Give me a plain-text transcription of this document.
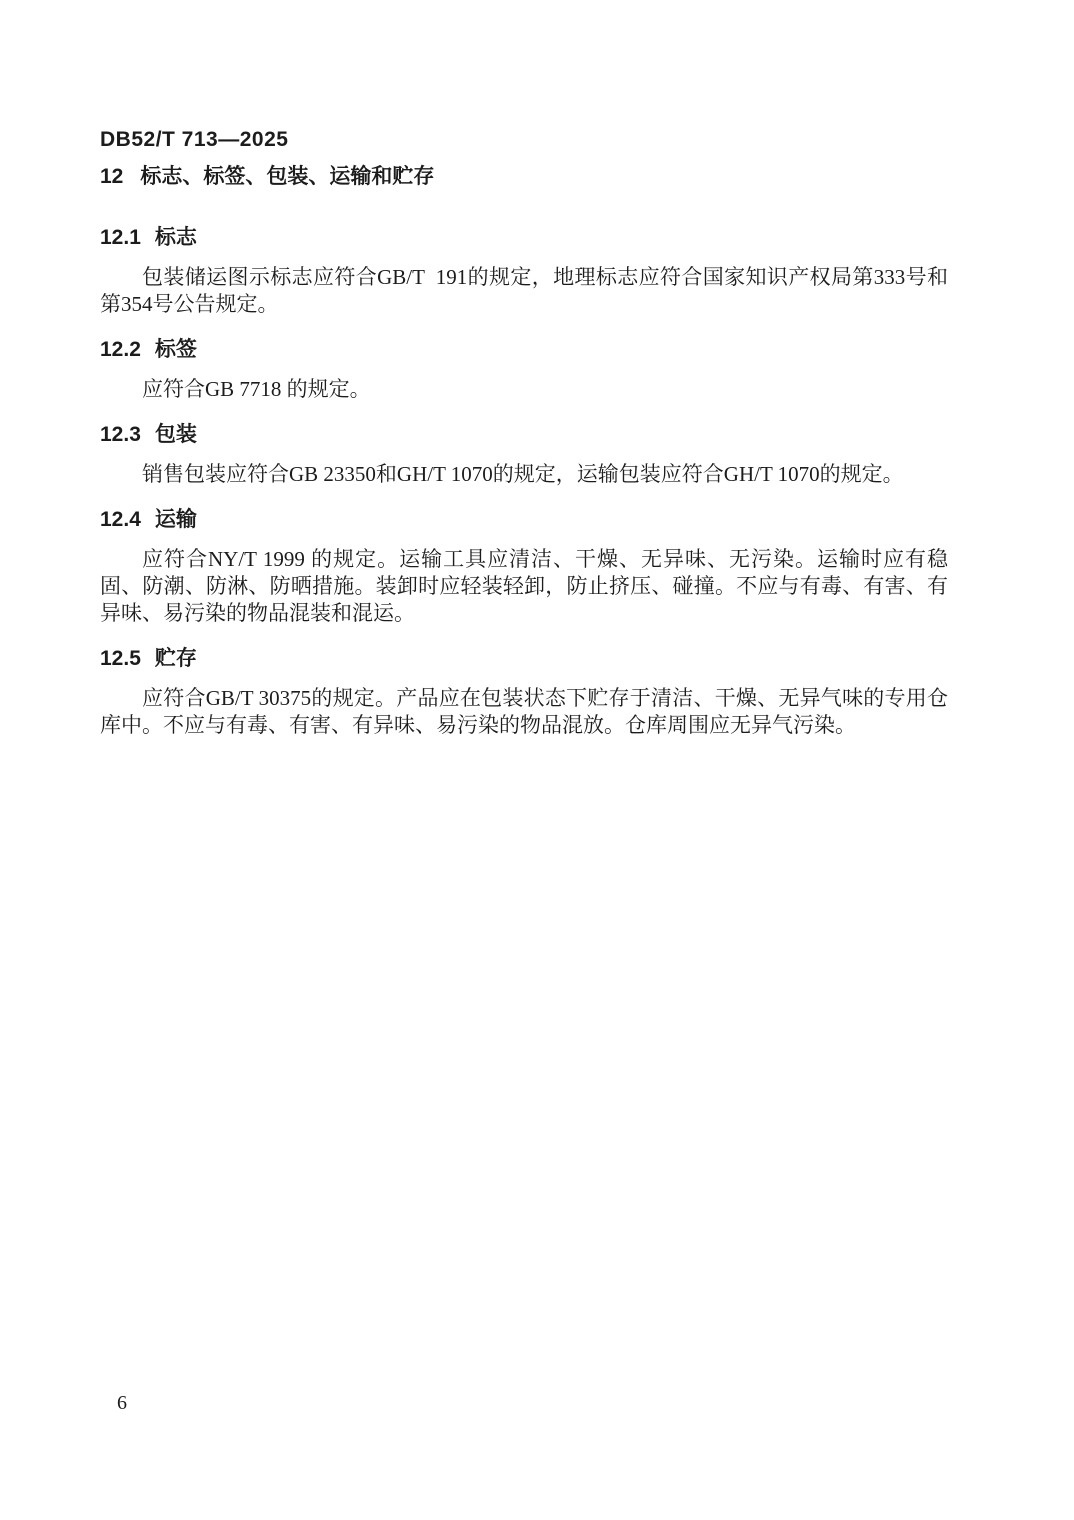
DB52/T 713—2025
12 标志、标签、包装、运输和贮存
12.1 标志

包装储运图示标志应符合GB/T  191的规定，地理标志应符合国家知识产权局第333号和第354号公告规定。

12.2 标签

应符合GB 7718 的规定。

12.3 包装

销售包装应符合GB 23350和GH/T 1070的规定，运输包装应符合GH/T 1070的规定。

12.4 运输

应符合NY/T 1999 的规定。运输工具应清洁、干燥、无异味、无污染。运输时应有稳固、防潮、防淋、防晒措施。装卸时应轻装轻卸，防止挤压、碰撞。不应与有毒、有害、有异味、易污染的物品混装和混运。

12.5 贮存

应符合GB/T 30375的规定。产品应在包装状态下贮存于清洁、干燥、无异气味的专用仓库中。不应与有毒、有害、有异味、易污染的物品混放。仓库周围应无异气污染。

6
